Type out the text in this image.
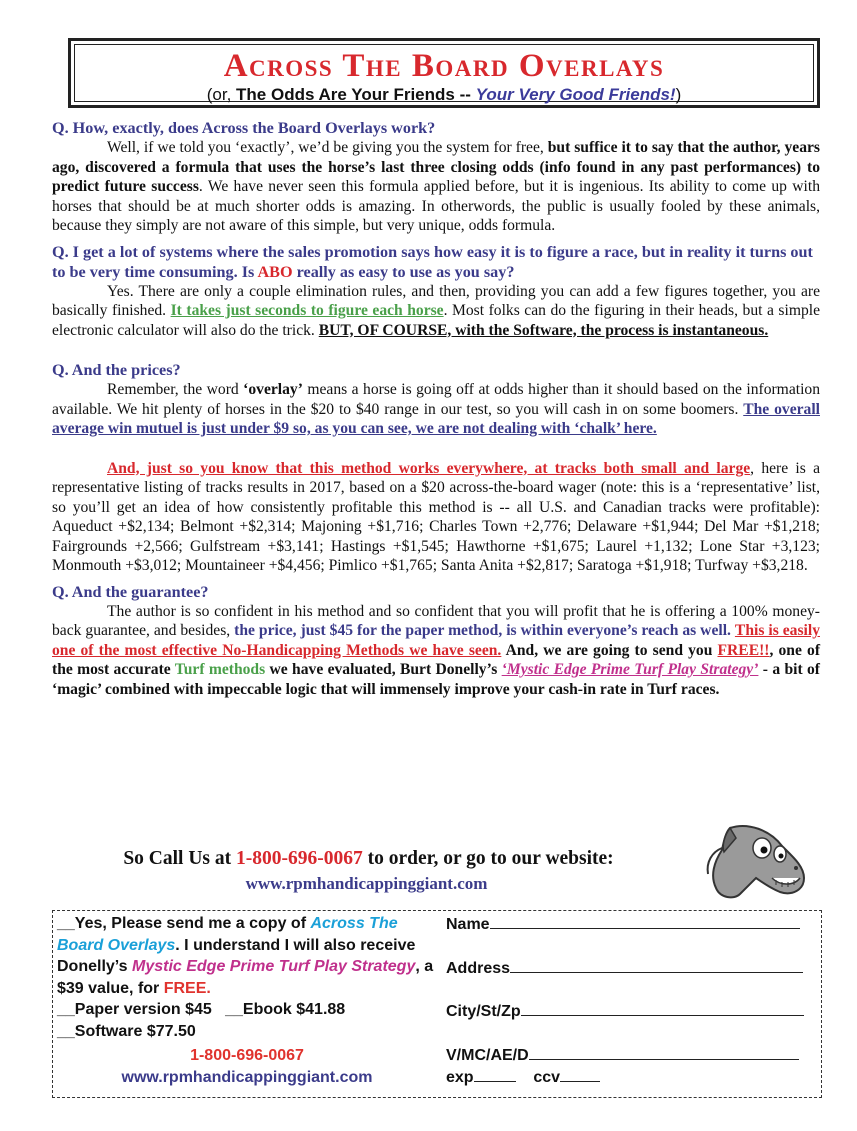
Across The Board Overlays
(or, The Odds Are Your Friends -- Your Very Good Friends!)
Q. How, exactly, does Across the Board Overlays work?

Well, if we told you ‘exactly’, we’d be giving you the system for free, but suffice it to say that the author, years ago, discovered a formula that uses the horse’s last three closing odds (info found in any past performances) to predict future success. We have never seen this formula applied before, but it is ingenious. Its ability to come up with horses that should be at much shorter odds is amazing. In otherwords, the public is usually fooled by these animals, because they simply are not aware of this simple, but very unique, odds formula.

Q. I get a lot of systems where the sales promotion says how easy it is to figure a race, but in reality it turns out to be very time consuming. Is ABO really as easy to use as you say?

Yes. There are only a couple elimination rules, and then, providing you can add a few figures together, you are basically finished. It takes just seconds to figure each horse. Most folks can do the figuring in their heads, but a simple electronic calculator will also do the trick. BUT, OF COURSE, with the Software, the process is instantaneous.

Q. And the prices?

Remember, the word ‘overlay’ means a horse is going off at odds higher than it should based on the information available. We hit plenty of horses in the $20 to $40 range in our test, so you will cash in on some boomers. The overall average win mutuel is just under $9 so, as you can see, we are not dealing with ‘chalk’ here.

And, just so you know that this method works everywhere, at tracks both small and large, here is a representative listing of tracks results in 2017, based on a $20 across-the-board wager (note: this is a ‘representative’ list, so you’ll get an idea of how consistently profitable this method is -- all U.S. and Canadian tracks were profitable): Aqueduct +$2,134; Belmont +$2,314; Majoning +$1,716; Charles Town +2,776; Delaware +$1,944; Del Mar +$1,218; Fairgrounds +2,566; Gulfstream +$3,141; Hastings +$1,545; Hawthorne +$1,675; Laurel +1,132; Lone Star +3,123; Monmouth +$3,012; Mountaineer +$4,456; Pimlico +$1,765; Santa Anita +$2,817; Saratoga +$1,918; Turfway +$3,218.

Q. And the guarantee?

The author is so confident in his method and so confident that you will profit that he is offering a 100% money-back guarantee, and besides, the price, just $45 for the paper method, is within everyone’s reach as well. This is easily one of the most effective No-Handicapping Methods we have seen. And, we are going to send you FREE!!, one of the most accurate Turf methods we have evaluated, Burt Donelly’s ‘Mystic Edge Prime Turf Play Strategy’ - a bit of ‘magic’ combined with impeccable logic that will immensely improve your cash-in rate in Turf races.

So Call Us at 1-800-696-0067 to order, or go to our website:
www.rpmhandicappinggiant.com
__Yes, Please send me a copy of Across The Board Overlays. I understand I will also receive Donelly’s Mystic Edge Prime Turf Play Strategy, a $39 value, for FREE.
__Paper version $45 __Ebook $41.88
__Software $77.50
1-800-696-0067
www.rpmhandicappinggiant.com
Name
Address
City/St/Zp
V/MC/AE/D
exp	ccv
